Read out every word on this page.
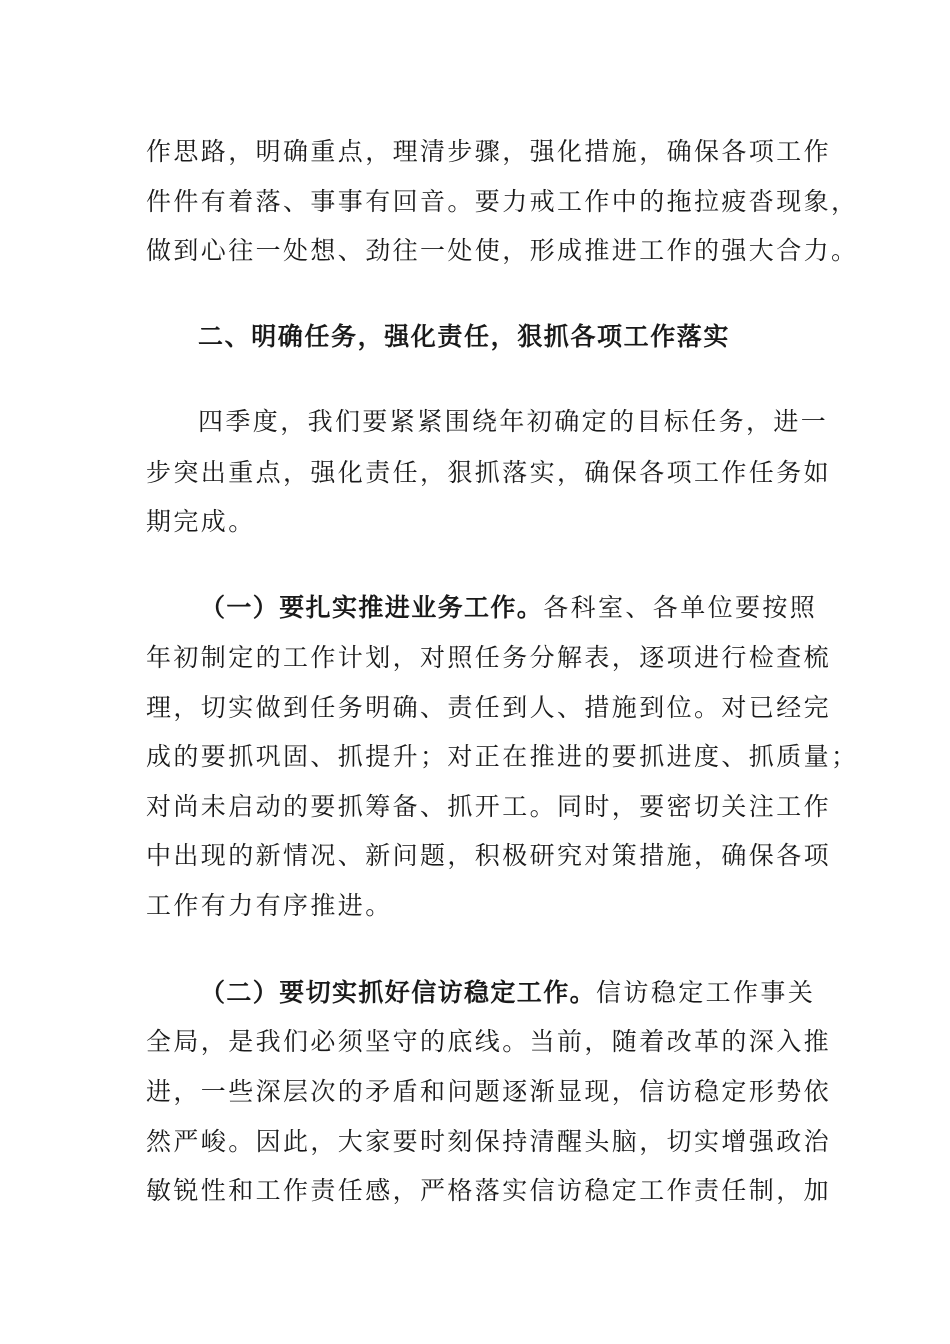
作思路，明确重点，理清步骤，强化措施，确保各项工作
件件有着落、事事有回音。要力戒工作中的拖拉疲沓现象，
做到心往一处想、劲往一处使，形成推进工作的强大合力。
二、明确任务，强化责任，狠抓各项工作落实
四季度，我们要紧紧围绕年初确定的目标任务，进一
步突出重点，强化责任，狠抓落实，确保各项工作任务如
期完成。
（一）要扎实推进业务工作。各科室、各单位要按照
年初制定的工作计划，对照任务分解表，逐项进行检查梳
理，切实做到任务明确、责任到人、措施到位。对已经完
成的要抓巩固、抓提升；对正在推进的要抓进度、抓质量；
对尚未启动的要抓筹备、抓开工。同时，要密切关注工作
中出现的新情况、新问题，积极研究对策措施，确保各项
工作有力有序推进。
（二）要切实抓好信访稳定工作。信访稳定工作事关
全局，是我们必须坚守的底线。当前，随着改革的深入推
进，一些深层次的矛盾和问题逐渐显现，信访稳定形势依
然严峻。因此，大家要时刻保持清醒头脑，切实增强政治
敏锐性和工作责任感，严格落实信访稳定工作责任制，加
